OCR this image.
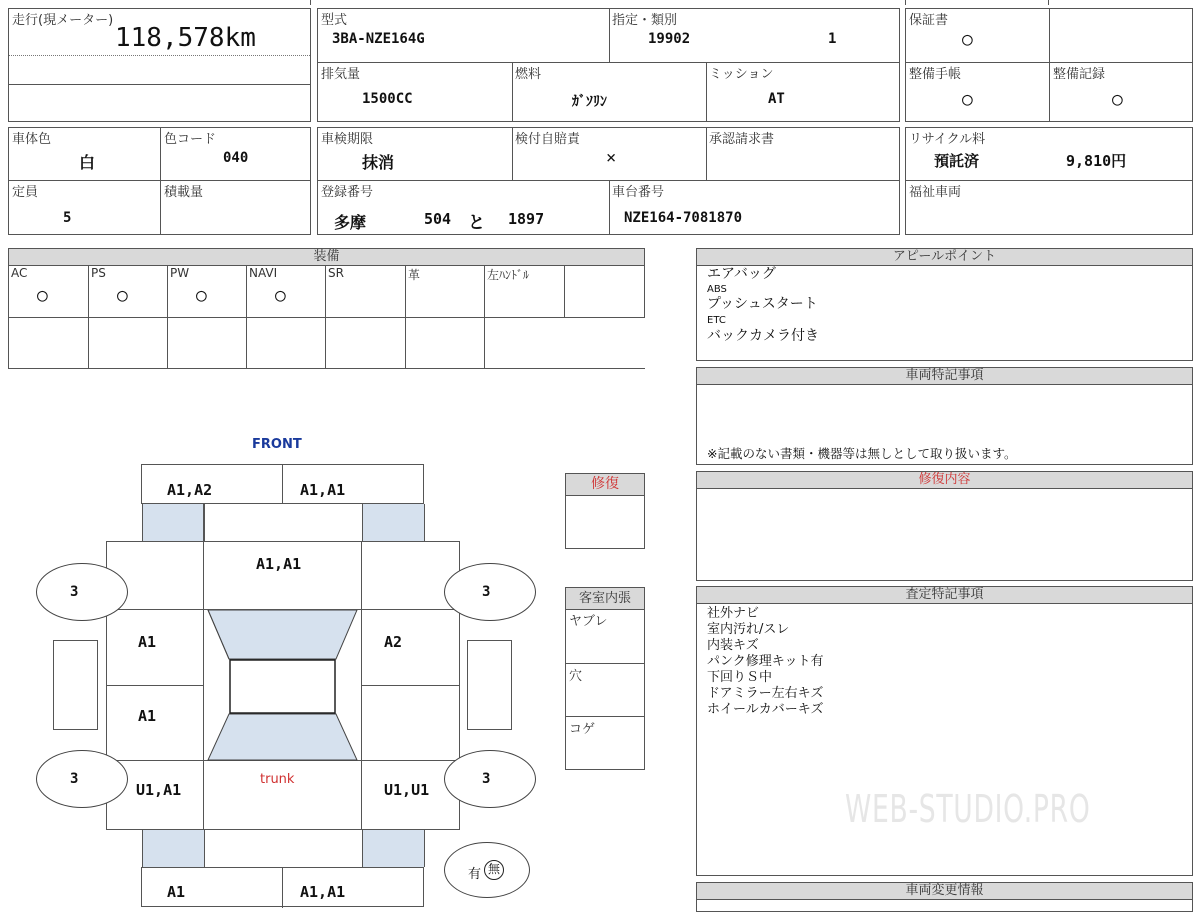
走行(現メーター)
118,578km
型式
3BA-NZE164G
指定・類別
19902	1
排気量
1500CC
燃料
ｶﾞｿﾘﾝ
ミッション
AT
保証書
○
整備手帳
○
整備記録
○
車体色
白
色コード
040
定員
5
積載量
車検期限
抹消
検付自賠責
×
承認請求書
登録番号
多摩	504 と 1897
車台番号
NZE164-7081870
リサイクル料
預託済	9,810円
福祉車両
装備
AC	PS	PW	NAVI	SR	革	左ﾊﾝﾄﾞﾙ
○	○	○	○
アピールポイント
エアバッグ
ABS
プッシュスタート
ETC
バックカメラ付き
車両特記事項
※記載のない書類・機器等は無しとして取り扱います。
修復内容
査定特記事項
社外ナビ
室内汚れ/スレ
内装キズ
パンク修理キット有
下回りＳ中
ドアミラー左右キズ
ホイールカバーキズ
WEB-STUDIO.PRO
車両変更情報
修復
客室内張
ヤブレ
穴
コゲ
FRONT
A1,A2	A1,A1
A1,A1
A1
A1
A2
U1,A1	U1,U1
trunk
3	3
3	3
A1	A1,A1
有 無
